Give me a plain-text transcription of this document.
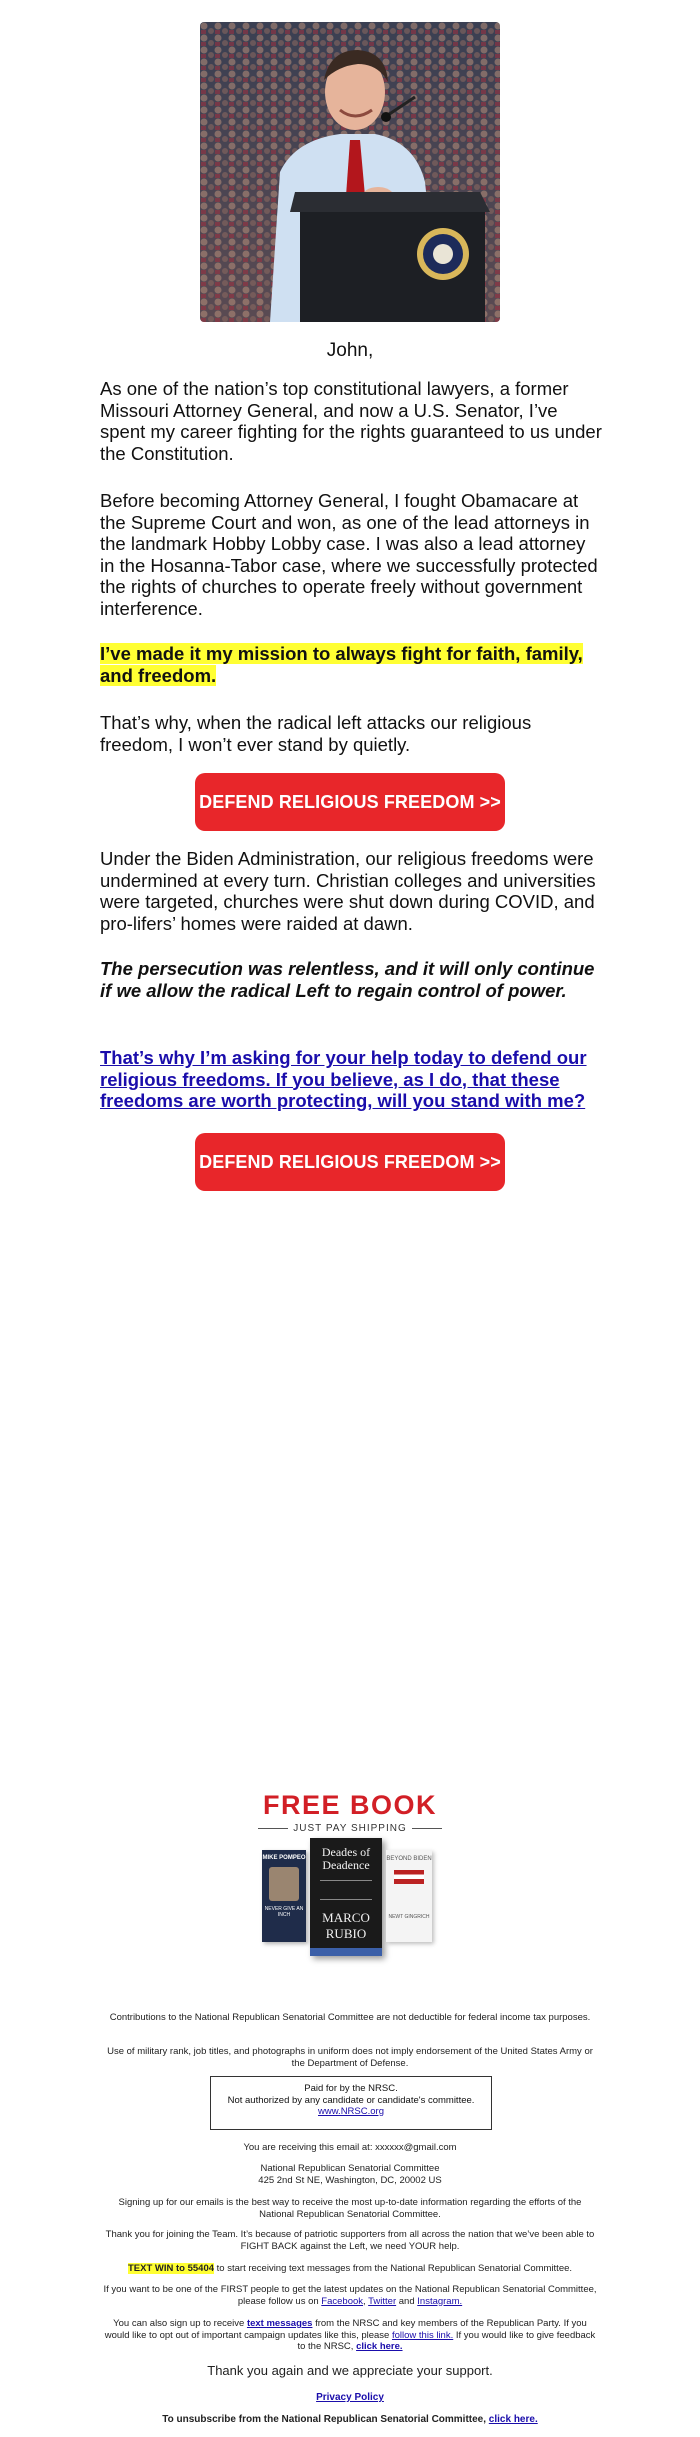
John,

As one of the nation’s top constitutional lawyers, a former Missouri Attorney General, and now a U.S. Senator, I’ve spent my career fighting for the rights guaranteed to us under the Constitution.

Before becoming Attorney General, I fought Obamacare at the Supreme Court and won, as one of the lead attorneys in the landmark Hobby Lobby case. I was also a lead attorney in the Hosanna-Tabor case, where we successfully protected the rights of churches to operate freely without government interference.

I’ve made it my mission to always fight for faith, family, and freedom.

That’s why, when the radical left attacks our religious freedom, I won’t ever stand by quietly.

DEFEND RELIGIOUS FREEDOM >>

Under the Biden Administration, our religious freedoms were undermined at every turn. Christian colleges and universities were targeted, churches were shut down during COVID, and pro-lifers’ homes were raided at dawn.

The persecution was relentless, and it will only continue if we allow the radical Left to regain control of power.

That’s why I’m asking for your help today to defend our religious freedoms. If you believe, as I do, that these freedoms are worth protecting, will you stand with me?

DEFEND RELIGIOUS FREEDOM >>
FREE BOOK
JUST PAY SHIPPING
MIKE POMPEO
NEVER GIVE AN INCH
Deades of Deadence
MARCO
RUBIO
BEYOND BIDEN
NEWT GINGRICH
Contributions to the National Republican Senatorial Committee are not deductible for federal income tax purposes.
Use of military rank, job titles, and photographs in uniform does not imply endorsement of the United States Army or the Department of Defense.
Paid for by the NRSC.
Not authorized by any candidate or candidate's committee.
www.NRSC.org
You are receiving this email at: xxxxxx@gmail.com
National Republican Senatorial Committee
425 2nd St NE, Washington, DC, 20002 US
Signing up for our emails is the best way to receive the most up-to-date information regarding the efforts of the National Republican Senatorial Committee.
Thank you for joining the Team. It’s because of patriotic supporters from all across the nation that we’ve been able to FIGHT BACK against the Left, we need YOUR help.
TEXT WIN to 55404 to start receiving text messages from the National Republican Senatorial Committee.
If you want to be one of the FIRST people to get the latest updates on the National Republican Senatorial Committee, please follow us on Facebook, Twitter and Instagram.
You can also sign up to receive text messages from the NRSC and key members of the Republican Party. If you would like to opt out of important campaign updates like this, please follow this link. If you would like to give feedback to the NRSC, click here.
Thank you again and we appreciate your support.
Privacy Policy
To unsubscribe from the National Republican Senatorial Committee, click here.
